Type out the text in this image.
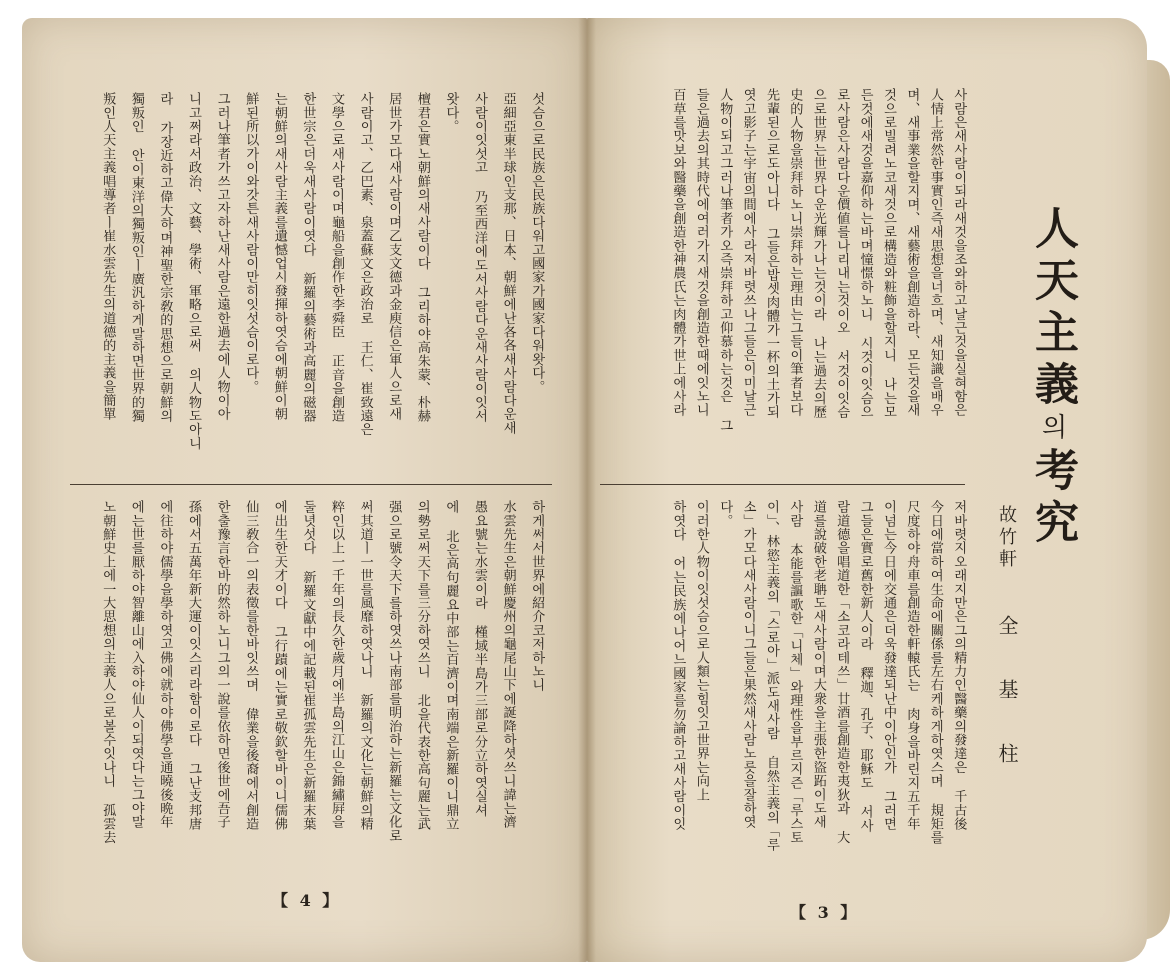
人天主義의考究
故竹軒
全基柱
사람은새사람이되라새것을조와하고날근것을실혀함은
人情上常然한事實인즉새思想을너흐며、새知識을배우
며、새事業을할지며、새藝術을創造하라、모든것을새
것으로빌려노코새것으로構造와粧飾을할지니 나는모
든것에새것을嘉仰하는바며憧憬하노니 시것이잇슴으
로사람은사람다운價値를나리내는것이오 서것이잇슴
으로世界는世界다운光輝가나는것이라 나는過去의歷
史的人物을崇拜하노니崇拜하는理由는그들이筆者보다
先輩된으로도아니다 그들은밥셋肉體가一杯의土가되
엿고影子는宇宙의間에사라저바렷쓰나그들은이미날근
人物이되고그러나筆者가오즉崇拜하고仰慕하는것은 그
들은過去의其時代에여러가지새것을創造한때에잇노니
百草를맛보와醫藥을創造한神農氏는肉體가世上에사라
저바렷지오래지만은그의精力인醫藥의發達은 千古後
今日에當하여生命에關係를左右케하게하엿스며 規矩를
尺度하야舟車를創造한軒轅氏는 肉身을바린지五千年
이넘는今日에交通은더욱發達되난中이안인가 그러면
그들은實로舊한新人이라 釋迦、孔子、耶穌도 서사
람道德을唱道한「소코라테쓰」廿酒를創造한夷狄과 大
道를說破한老聃도새사람이며大衆을主張한盜跖이도새
사람 本能를謳歌한「니체」와理性을부르지즌「루스토
이」、林慾主義의「스로아」派도새사람 自然主義의「루
소」가모다새사람이니그들은果然새사람노릇을잘하엿
다。
이러한人物이잇섯슴으로人類는힘잇고世界는向上
하엿다 어는民族에나어느國家를勿論하고새사람이잇
섯슴으로民族은民族다워고國家가國家다워왓다。
亞細亞東半球인支那、日本、朝鮮에난各各새사람다운새
사람이잇섯고 乃至西洋에도서사람다운새사람이잇서
왓다。
檀君은實노朝鮮의새사람이다 그리하야高朱蒙、朴赫
居世가모다새사람이며乙支文德과金庾信은軍人으로새
사람이고、乙巴素、泉蓋蘇文은政治로 王仁、崔致遠은
文學으로새사람이며龜船을創作한李舜臣 正音을創造
한世宗은더욱새사람이엿다 新羅의藝術과高麗의磁器
는朝鮮의새사람主義를遺憾업시發揮하엿슴에朝鮮이朝
鮮된所以가이와갓튼새사람이만히잇섯슴이로다。
그러나筆者가쓰고자하난새사람은遠한過去에人物이아
니고쩌라서政治、文藝、學術、軍略으로써 의人物도아니
라 가장近하고偉大하며神聖한宗敎的思想으로朝鮮의
獨叛인 안이東洋의獨叛인ㅣ廣汎하게말하면世界的獨
叛인人天主義唱導者ㅣ崔水雲先生의道德的主義을簡單
하게써서世界에紹介코저하노니
水雲先生은朝鮮慶州의龜尾山下에誕降하셧쓰니諱는濟
愚요號는水雲이라 槿域半島가三部로分立하엿실셔
에 北은高句麗요中部는百濟이며南端은新羅이니鼎立
의勢로써天下를三分하엿쓰니 北을代表한高句麗는武
强으로號令天下를하엿쓰나南部를明治하는新羅는文化로
써其道ㅣ一世를風靡하엿나니 新羅의文化는朝鮮의精
粹인以上一千年의長久한歲月에半島의江山은錦繡屛을
둘녓섯다 新羅文獻中에記載된崔孤雲先生은新羅末葉
에出生한天才이다 그行蹟에는實로敬欽할바이니儒佛
仙三敎合一의表徵를한바잇쓰며 偉業을後裔에서創造
한출豫言한바的然하노니그의一說를依하면後世에吾子
孫에서五萬年新大運이잇스리라함이로다 그난支邦唐
에往하야儒學을學하엿고佛에就하야佛學을通曉後晩年
에는世를厭하야智離山에入하야仙人이되엿다는그야말
노朝鮮史上에一大思想의主義人으로볼수잇나니 孤雲去
【 4 】
【 3 】
